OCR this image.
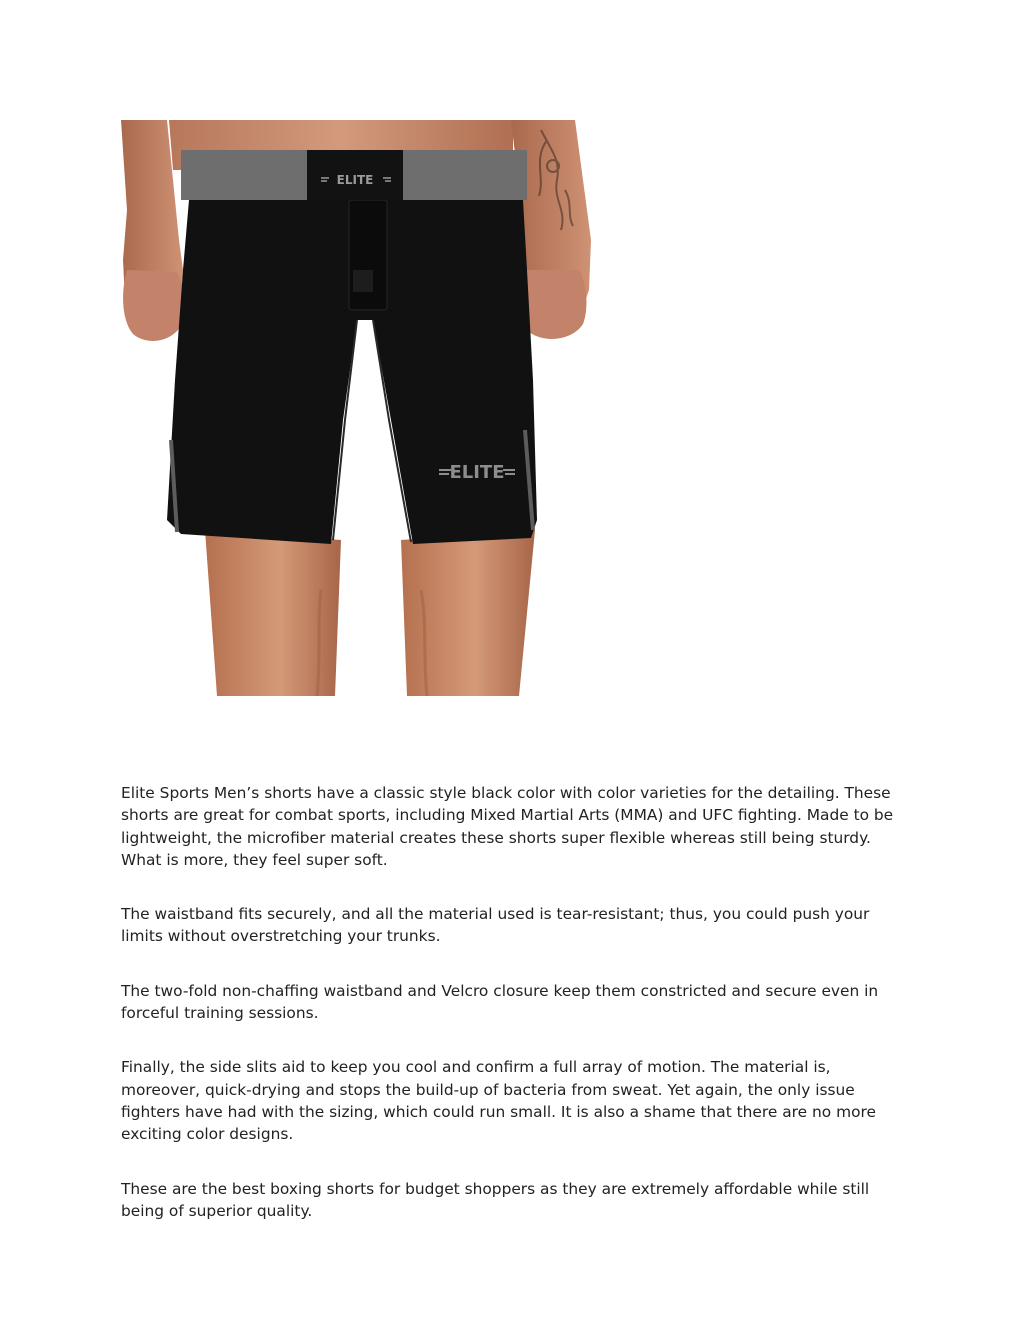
ELITE
ELITE

Elite Sports Men’s shorts have a classic style black color with color varieties for the detailing. These shorts are great for combat sports, including Mixed Martial Arts (MMA) and UFC fighting. Made to be lightweight, the microfiber material creates these shorts super flexible whereas still being sturdy. What is more, they feel super soft.

The waistband fits securely, and all the material used is tear-resistant; thus, you could push your limits without overstretching your trunks.

The two-fold non-chaffing waistband and Velcro closure keep them constricted and secure even in forceful training sessions.

Finally, the side slits aid to keep you cool and confirm a full array of motion. The material is, moreover, quick-drying and stops the build-up of bacteria from sweat. Yet again, the only issue fighters have had with the sizing, which could run small. It is also a shame that there are no more exciting color designs.

These are the best boxing shorts for budget shoppers as they are extremely affordable while still being of superior quality.
